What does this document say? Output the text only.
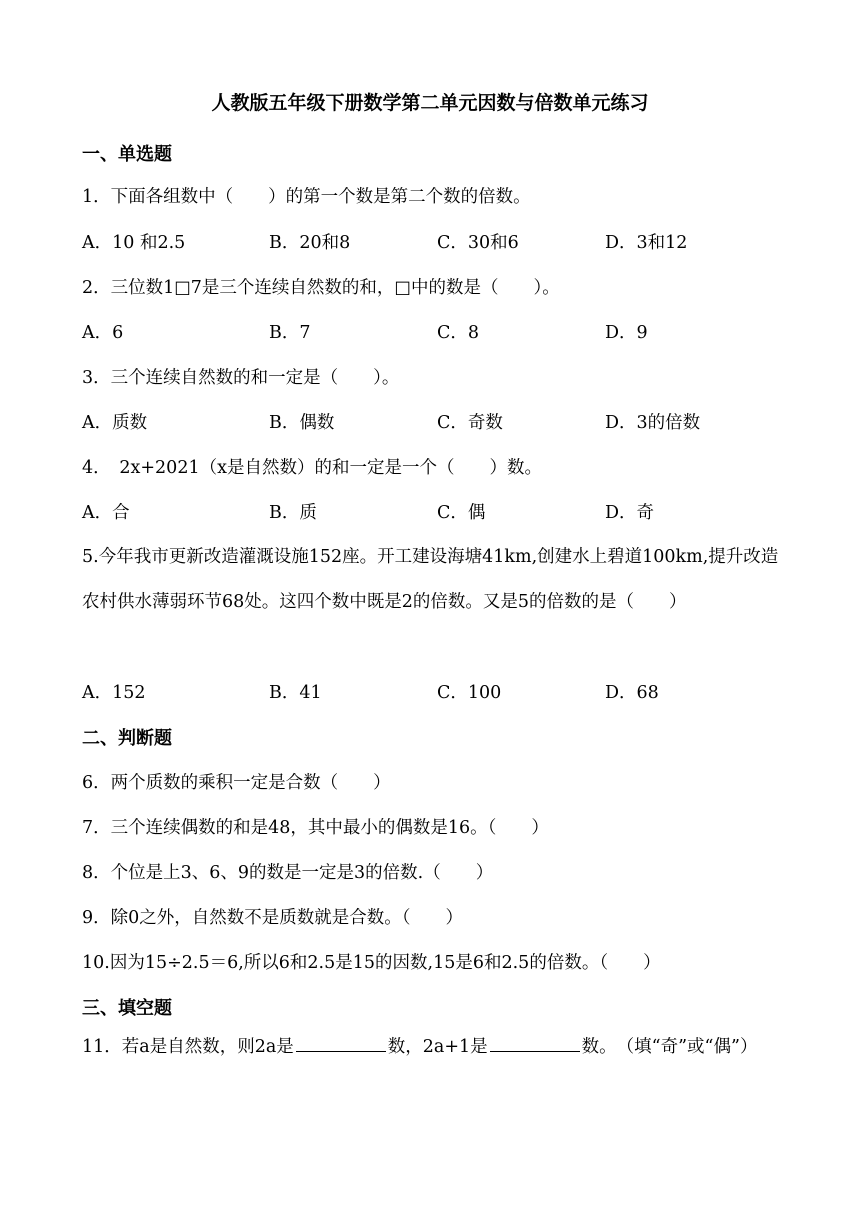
人教版五年级下册数学第二单元因数与倍数单元练习
一、单选题
1．下面各组数中（　　）的第一个数是第二个数的倍数。
A．10 和2.5	B．20和8	C．30和6	D．3和12
2．三位数1□7是三个连续自然数的和，□中的数是（　　）。
A．6	B．7	C．8	D．9
3．三个连续自然数的和一定是（　　）。
A．质数	B．偶数	C．奇数	D．3的倍数
4．　2x+2021（x是自然数）的和一定是一个（　　）数。
A．合	B．质	C．偶	D．奇
5.今年我市更新改造灌溉设施152座。开工建设海塘41km,创建水上碧道100km,提升改造农村供水薄弱环节68处。这四个数中既是2的倍数。又是5的倍数的是（　　）
A．152	B．41	C．100	D．68
二、判断题
6．两个质数的乘积一定是合数（　　）
7．三个连续偶数的和是48，其中最小的偶数是16。（　　）
8．个位是上3、6、9的数是一定是3的倍数.（　　）
9．除0之外，自然数不是质数就是合数。（　　）
10.因为15÷2.5＝6,所以6和2.5是15的因数,15是6和2.5的倍数。（　　）
三、填空题
11．若a是自然数，则2a是	数，2a+1是	数。　（填“奇”或“偶”）
